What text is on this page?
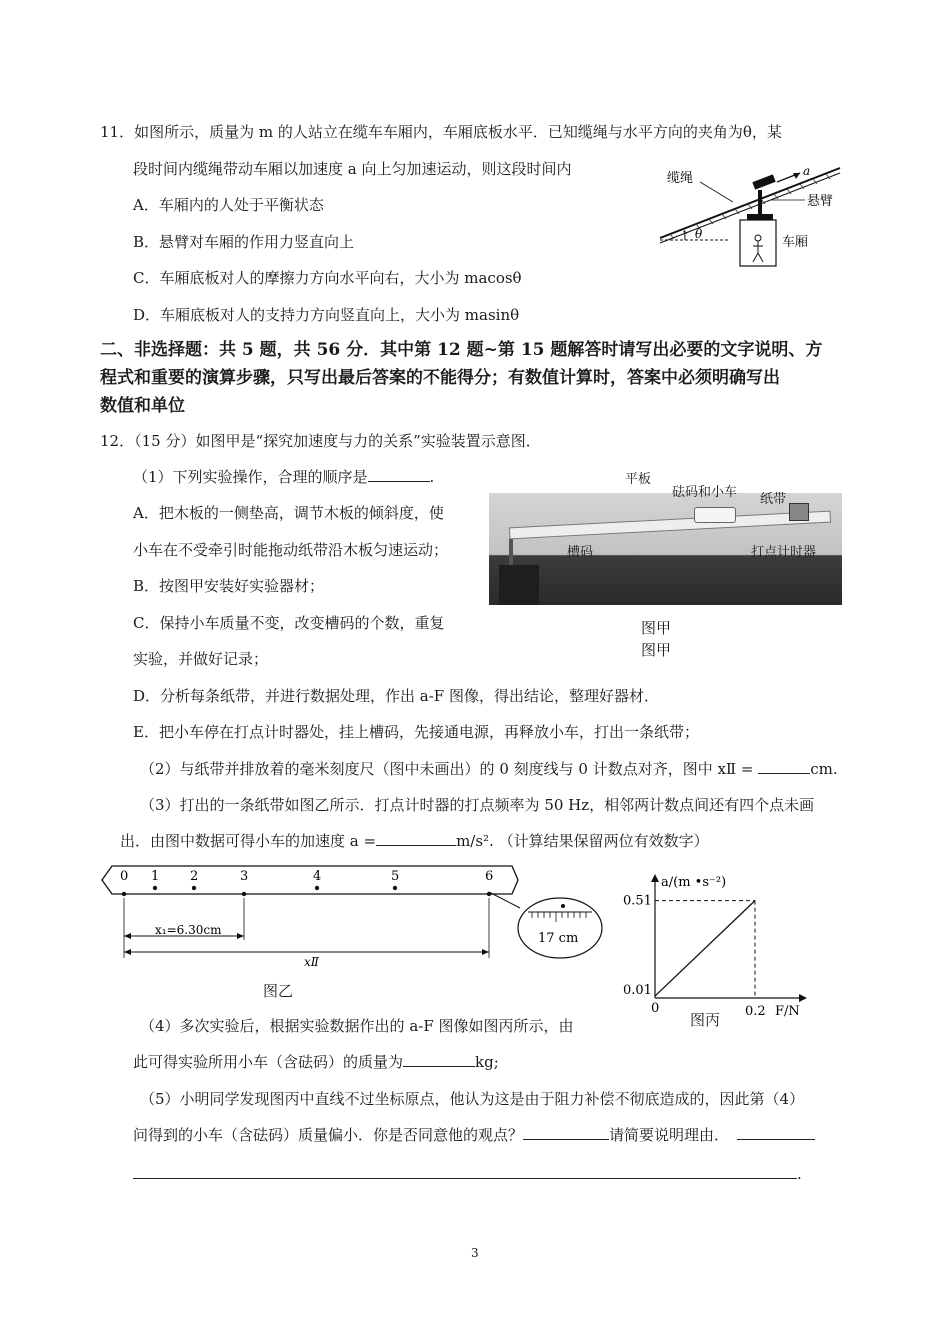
11．如图所示，质量为 m 的人站立在缆车车厢内，车厢底板水平．已知缆绳与水平方向的夹角为θ，某
段时间内缆绳带动车厢以加速度 a 向上匀加速运动，则这段时间内
A．车厢内的人处于平衡状态
B．悬臂对车厢的作用力竖直向上
C．车厢底板对人的摩擦力方向水平向右，大小为 macosθ
D．车厢底板对人的支持力方向竖直向上，大小为 masinθ
θ
a
缆绳
悬臂
车厢
二、非选择题：共 5 题，共 56 分．其中第 12 题~第 15 题解答时请写出必要的文字说明、方
程式和重要的演算步骤，只写出最后答案的不能得分；有数值计算时，答案中必须明确写出
数值和单位
12．（15 分）如图甲是“探究加速度与力的关系”实验装置示意图．
（1）下列实验操作，合理的顺序是	.
A．把木板的一侧垫高，调节木板的倾斜度，使
小车在不受牵引时能拖动纸带沿木板匀速运动；
B．按图甲安装好实验器材；
C．保持小车质量不变，改变槽码的个数，重复
实验，并做好记录；
平板
砝码和小车 纸带
槽码	打点计时器
图甲
图甲
D．分析每条纸带，并进行数据处理，作出 a-F 图像，得出结论，整理好器材．
E．把小车停在打点计时器处，挂上槽码，先接通电源，再释放小车，打出一条纸带；
（2）与纸带并排放着的毫米刻度尺（图中未画出）的 0 刻度线与 0 计数点对齐，图中 xⅡ =	cm.
（3）打出的一条纸带如图乙所示．打点计时器的打点频率为 50 Hz，相邻两计数点间还有四个点未画
出．由图中数据可得小车的加速度 a =	m/s². （计算结果保留两位有效数字）
0 1 2	3	4	5	6
17 cm
x₁=6.30cm
xⅡ
图乙
a/(m •s⁻²)
F/N
0.51
0.01
0	0.2
图丙
（4）多次实验后，根据实验数据作出的 a-F 图像如图丙所示，由
此可得实验所用小车（含砝码）的质量为	kg;
（5）小明同学发现图丙中直线不过坐标原点，他认为这是由于阻力补偿不彻底造成的，因此第（4）
问得到的小车（含砝码）质量偏小．你是否同意他的观点？	请简要说明理由．
.
3
